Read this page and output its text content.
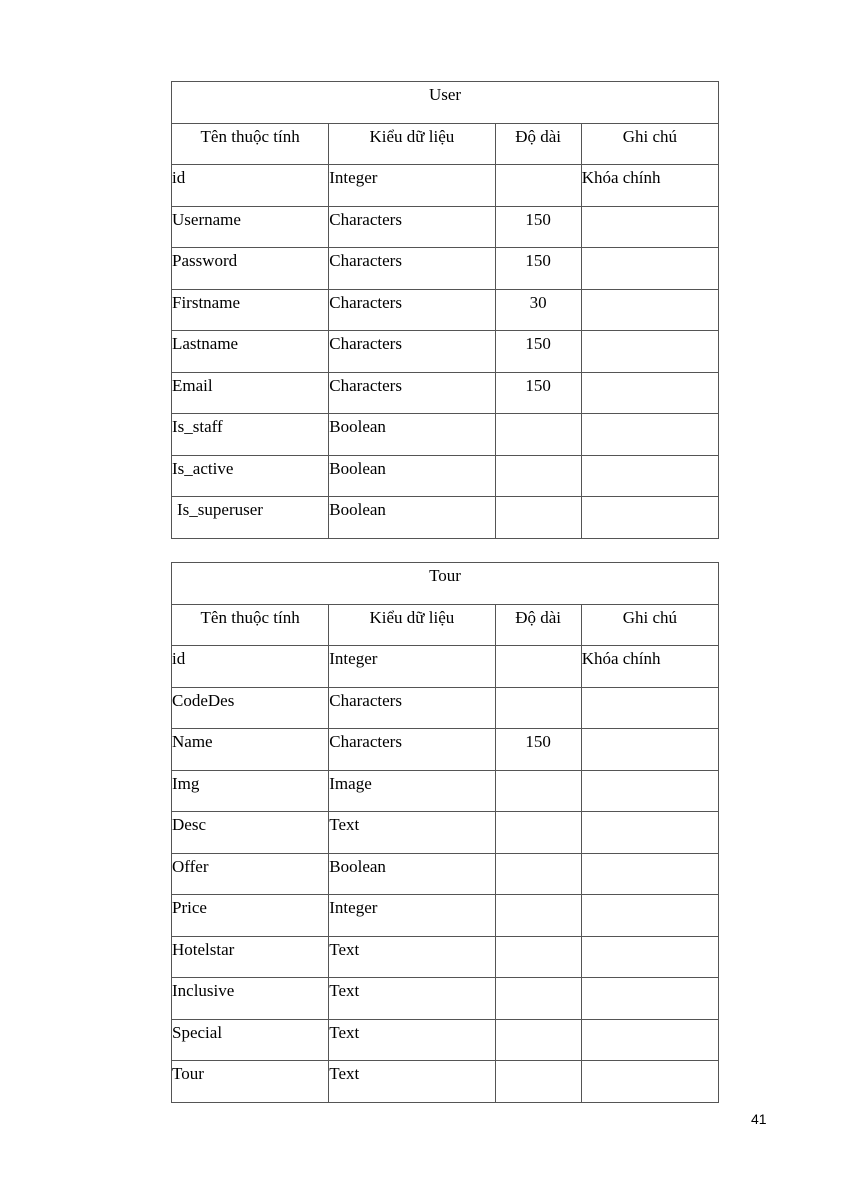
User			
Tên thuộc tính	Kiểu dữ liệu	Độ dài	Ghi chú
id	Integer		Khóa chính
Username	Characters	150	
Password	Characters	150	
Firstname	Characters	30	
Lastname	Characters	150	
Email	Characters	150	
Is_staff	Boolean		
Is_active	Boolean		
Is_superuser	Boolean		
Tour			
Tên thuộc tính	Kiểu dữ liệu	Độ dài	Ghi chú
id	Integer		Khóa chính
CodeDes	Characters		
Name	Characters	150	
Img	Image		
Desc	Text		
Offer	Boolean		
Price	Integer		
Hotelstar	Text		
Inclusive	Text		
Special	Text		
Tour	Text		
41
